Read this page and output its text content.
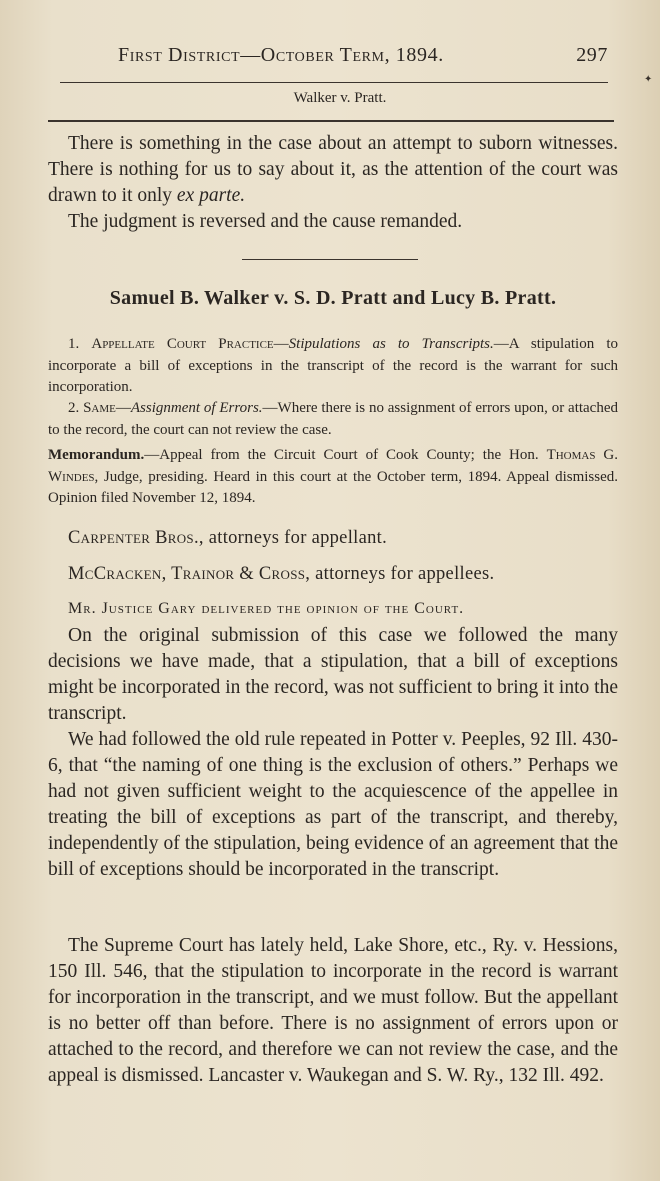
First District—October Term, 1894.	297
✦
Walker v. Pratt.

There is something in the case about an attempt to suborn witnesses. There is nothing for us to say about it, as the attention of the court was drawn to it only ex parte.

The judgment is reversed and the cause remanded.

Samuel B. Walker v. S. D. Pratt and Lucy B. Pratt.

1. Appellate Court Practice—Stipulations as to Transcripts.—A stipulation to incorporate a bill of exceptions in the transcript of the record is the warrant for such incorporation.

2. Same—Assignment of Errors.—Where there is no assignment of errors upon, or attached to the record, the court can not review the case.

Memorandum.—Appeal from the Circuit Court of Cook County; the Hon. Thomas G. Windes, Judge, presiding. Heard in this court at the October term, 1894. Appeal dismissed. Opinion filed November 12, 1894.

Carpenter Bros., attorneys for appellant.
McCracken, Trainor & Cross, attorneys for appellees.
Mr. Justice Gary delivered the opinion of the Court.

On the original submission of this case we followed the many decisions we have made, that a stipulation, that a bill of exceptions might be incorporated in the record, was not sufficient to bring it into the transcript.

We had followed the old rule repeated in Potter v. Peeples, 92 Ill. 430-6, that “the naming of one thing is the exclusion of others.” Perhaps we had not given sufficient weight to the acquiescence of the appellee in treating the bill of exceptions as part of the transcript, and thereby, independently of the stipulation, being evidence of an agreement that the bill of exceptions should be incorporated in the transcript.

The Supreme Court has lately held, Lake Shore, etc., Ry. v. Hessions, 150 Ill. 546, that the stipulation to incorporate in the record is warrant for incorporation in the transcript, and we must follow. But the appellant is no better off than before. There is no assignment of errors upon or attached to the record, and therefore we can not review the case, and the appeal is dismissed. Lancaster v. Waukegan and S. W. Ry., 132 Ill. 492.
